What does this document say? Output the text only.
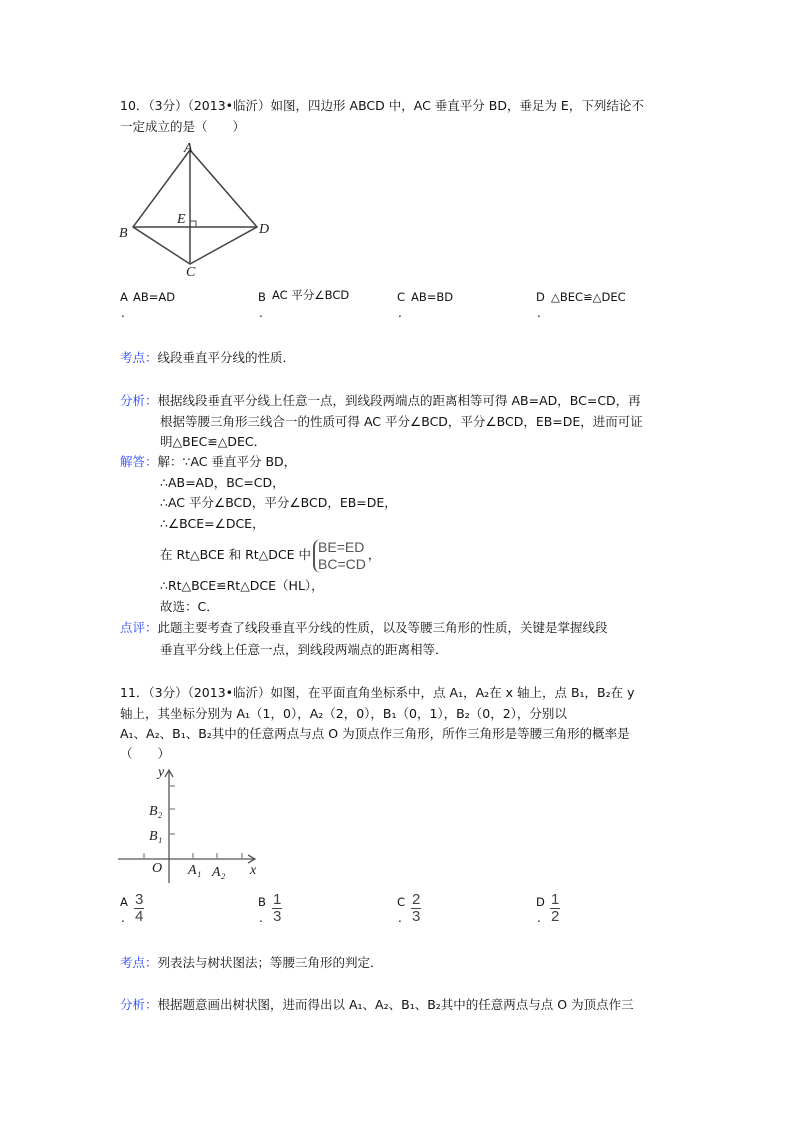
10．（3分）（2013•临沂）如图，四边形 ABCD 中，AC 垂直平分 BD，垂足为 E，下列结论不
一定成立的是（　　）
A
B	D
C
E
A AB=AD
.
B AC 平分∠BCD
.
C AB=BD
.
D △BEC≌△DEC
.
考点：线段垂直平分线的性质．
分析：根据线段垂直平分线上任意一点，到线段两端点的距离相等可得 AB=AD，BC=CD，再
根据等腰三角形三线合一的性质可得 AC 平分∠BCD，平分∠BCD，EB=DE，进而可证
明△BEC≌△DEC．
解答：解：∵AC 垂直平分 BD，
∴AB=AD，BC=CD，
∴AC 平分∠BCD，平分∠BCD，EB=DE，
∴∠BCE=∠DCE，
在 Rt△BCE 和 Rt△DCE 中 BE=ED
BC=CD
，
∴Rt△BCE≌Rt△DCE（HL），
故选：C．
点评：此题主要考查了线段垂直平分线的性质，以及等腰三角形的性质，关键是掌握线段
垂直平分线上任意一点，到线段两端点的距离相等．
11．（3分）（2013•临沂）如图，在平面直角坐标系中，点 A₁，A₂在 x 轴上，点 B₁，B₂在 y
轴上，其坐标分别为 A₁（1，0），A₂（2，0），B₁（0，1），B₂（0，2），分别以
A₁、A₂、B₁、B₂其中的任意两点与点 O 为顶点作三角形，所作三角形是等腰三角形的概率是
（　　）
y
x
O A₁ A₂
B₂
B₁
A
. $\frac{3}{4}$	B
. $\frac{1}{3}$	C
. $\frac{2}{3}$	D
. $\frac{1}{2}$
考点：列表法与树状图法；等腰三角形的判定．
分析：根据题意画出树状图，进而得出以 A₁、A₂、B₁、B₂其中的任意两点与点 O 为顶点作三
